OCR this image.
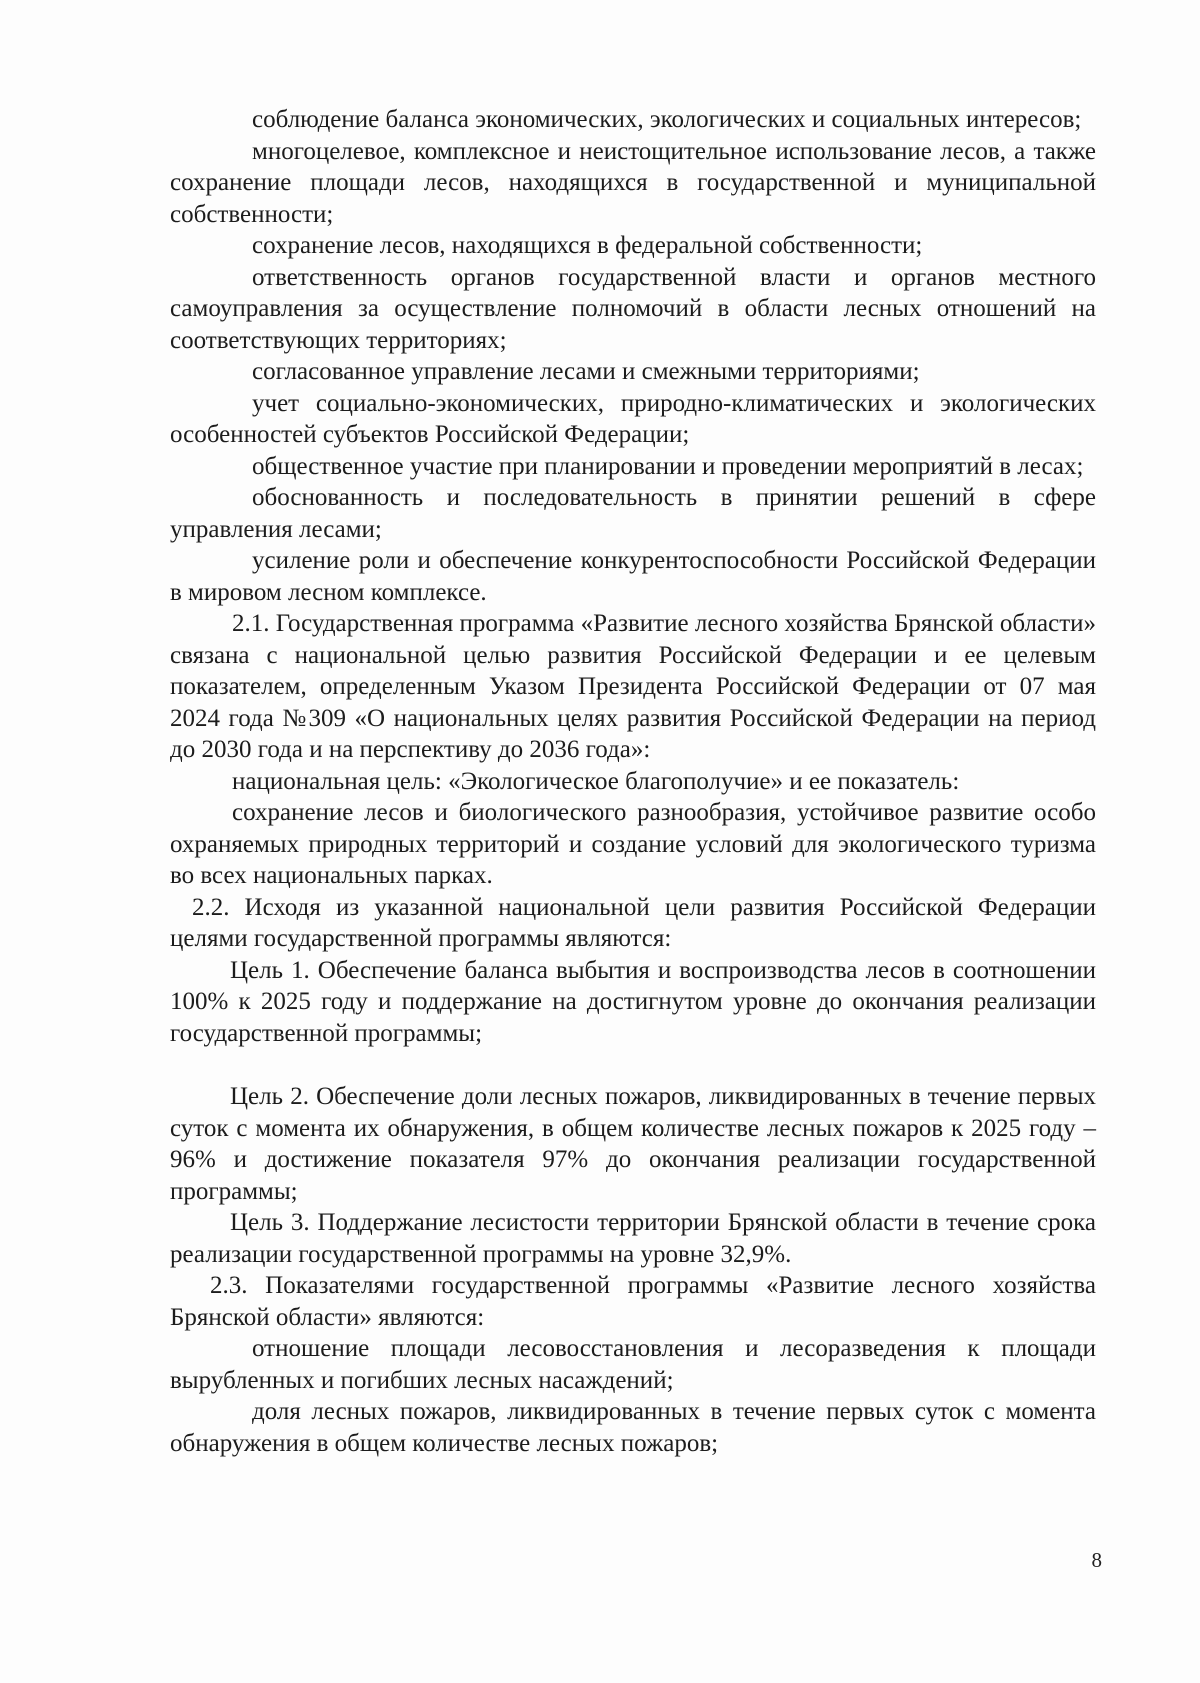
соблюдение баланса экономических, экологических и социальных интересов;

многоцелевое, комплексное и неистощительное использование лесов, а также сохранение площади лесов, находящихся в государственной и муниципальной собственности;

сохранение лесов, находящихся в федеральной собственности;

ответственность органов государственной власти и органов местного самоуправления за осуществление полномочий в области лесных отношений на соответствующих территориях;

согласованное управление лесами и смежными территориями;

учет социально-экономических, природно-климатических и экологических особенностей субъектов Российской Федерации;

общественное участие при планировании и проведении мероприятий в лесах;

обоснованность и последовательность в принятии решений в сфере управления лесами;

усиление роли и обеспечение конкурентоспособности Российской Федерации в мировом лесном комплексе.

2.1. Государственная программа «Развитие лесного хозяйства Брянской области» связана с национальной целью развития Российской Федерации и ее целевым показателем, определенным Указом Президента Российской Федерации от 07 мая 2024 года №309 «О национальных целях развития Российской Федерации на период до 2030 года и на перспективу до 2036 года»:

национальная цель: «Экологическое благополучие» и ее показатель:

сохранение лесов и биологического разнообразия, устойчивое развитие особо охраняемых природных территорий и создание условий для экологического туризма во всех национальных парках.

2.2. Исходя из указанной национальной цели развития Российской Федерации целями государственной программы являются:

Цель 1. Обеспечение баланса выбытия и воспроизводства лесов в соотношении 100% к 2025 году и поддержание на достигнутом уровне до окончания реализации государственной программы;

Цель 2. Обеспечение доли лесных пожаров, ликвидированных в течение первых суток с момента их обнаружения, в общем количестве лесных пожаров к 2025 году – 96% и достижение показателя 97% до окончания реализации государственной программы;

Цель 3. Поддержание лесистости территории Брянской области в течение срока реализации государственной программы на уровне 32,9%.

2.3. Показателями государственной программы «Развитие лесного хозяйства Брянской области» являются:

отношение площади лесовосстановления и лесоразведения к площади вырубленных и погибших лесных насаждений;

доля лесных пожаров, ликвидированных в течение первых суток с момента обнаружения в общем количестве лесных пожаров;

8
